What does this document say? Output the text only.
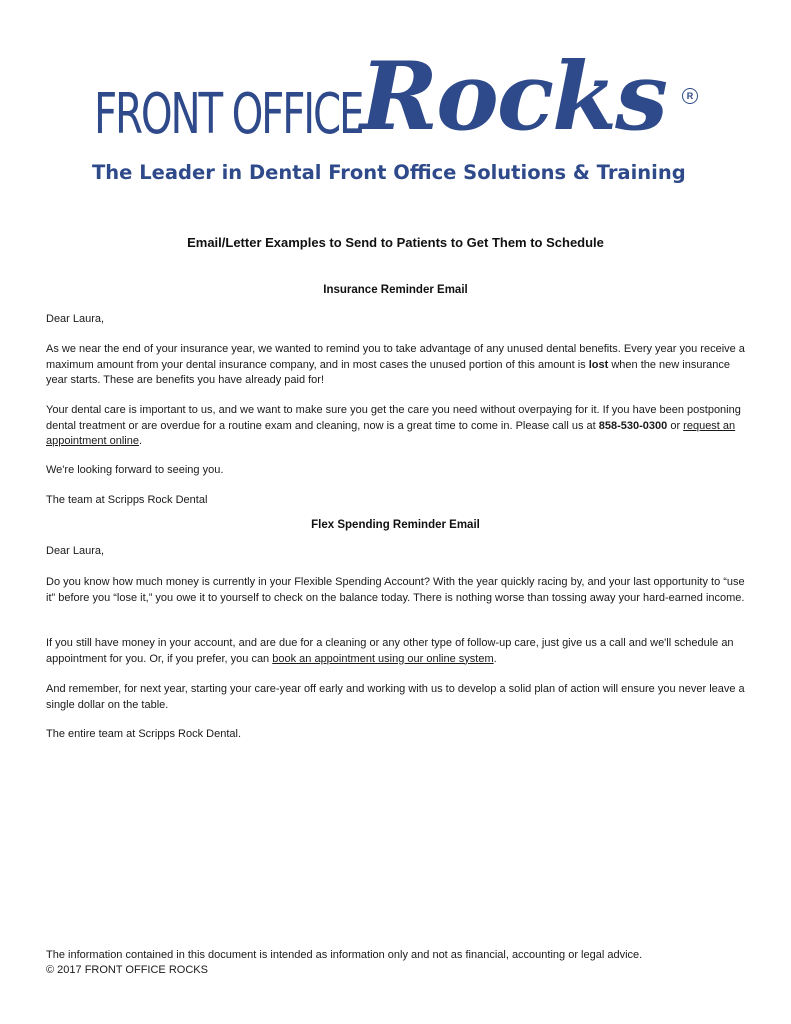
FRONT OFFICE
Rocks	R
The Leader in Dental Front Office Solutions & Training
Email/Letter Examples to Send to Patients to Get Them to Schedule
Insurance Reminder Email
Dear Laura,
As we near the end of your insurance year, we wanted to remind you to take advantage of any unused dental benefits. Every year you receive a maximum amount from your dental insurance company, and in most cases the unused portion of this amount is lost when the new insurance year starts. These are benefits you have already paid for!
Your dental care is important to us, and we want to make sure you get the care you need without overpaying for it. If you have been postponing dental treatment or are overdue for a routine exam and cleaning, now is a great time to come in. Please call us at 858-530-0300 or request an appointment online.
We're looking forward to seeing you.
The team at Scripps Rock Dental
Flex Spending Reminder Email
Dear Laura,
Do you know how much money is currently in your Flexible Spending Account? With the year quickly racing by, and your last opportunity to “use it” before you “lose it,” you owe it to yourself to check on the balance today. There is nothing worse than tossing away your hard-earned income.
If you still have money in your account, and are due for a cleaning or any other type of follow-up care, just give us a call and we'll schedule an appointment for you. Or, if you prefer, you can book an appointment using our online system.
And remember, for next year, starting your care-year off early and working with us to develop a solid plan of action will ensure you never leave a single dollar on the table.
The entire team at Scripps Rock Dental.
The information contained in this document is intended as information only and not as financial, accounting or legal advice.
© 2017 FRONT OFFICE ROCKS
